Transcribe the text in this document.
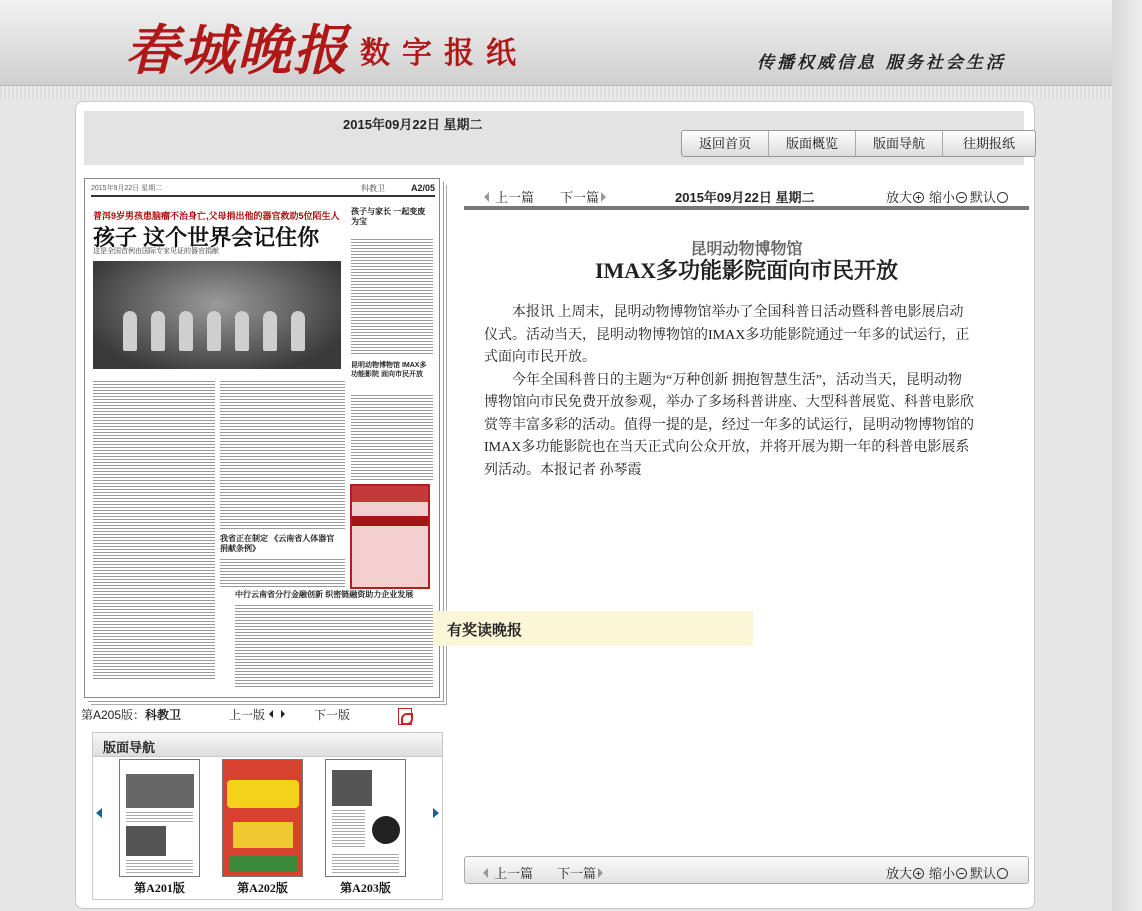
春城晚报 数字报纸	传播权威信息 服务社会生活
2015年09月22日 星期二
返回首页	版面概览	版面导航	往期报纸
2015年9月22日 星期二	科教卫	A2/05
普洱9岁男孩患脑瘤不治身亡,父母捐出他的器官救助5位陌生人
孩子 这个世界会记住你
这是全国首例由国际专家见证的器官捐献
孩子与家长 一起变废为宝
昆明动物博物馆 IMAX多功能影院 面向市民开放
我省正在制定 《云南省人体器官捐献条例》
中行云南省分行金融创新 织密链融资助力企业发展
有奖读晚报
第A205版：科教卫	上一版	下一版
版面导航
第A201版	第A202版	第A203版
上一篇 下一篇	2015年09月22日 星期二	放大	缩小	默认
昆明动物博物馆
IMAX多功能影院面向市民开放

本报讯 上周末，昆明动物博物馆举办了全国科普日活动暨科普电影展启动仪式。活动当天，昆明动物博物馆的IMAX多功能影院通过一年多的试运行，正式面向市民开放。

今年全国科普日的主题为“万种创新 拥抱智慧生活”，活动当天，昆明动物博物馆向市民免费开放参观，举办了多场科普讲座、大型科普展览、科普电影欣赏等丰富多彩的活动。值得一提的是，经过一年多的试运行，昆明动物博物馆的IMAX多功能影院也在当天正式向公众开放，并将开展为期一年的科普电影展系列活动。本报记者 孙琴霞

上一篇 下一篇	放大	缩小	默认
